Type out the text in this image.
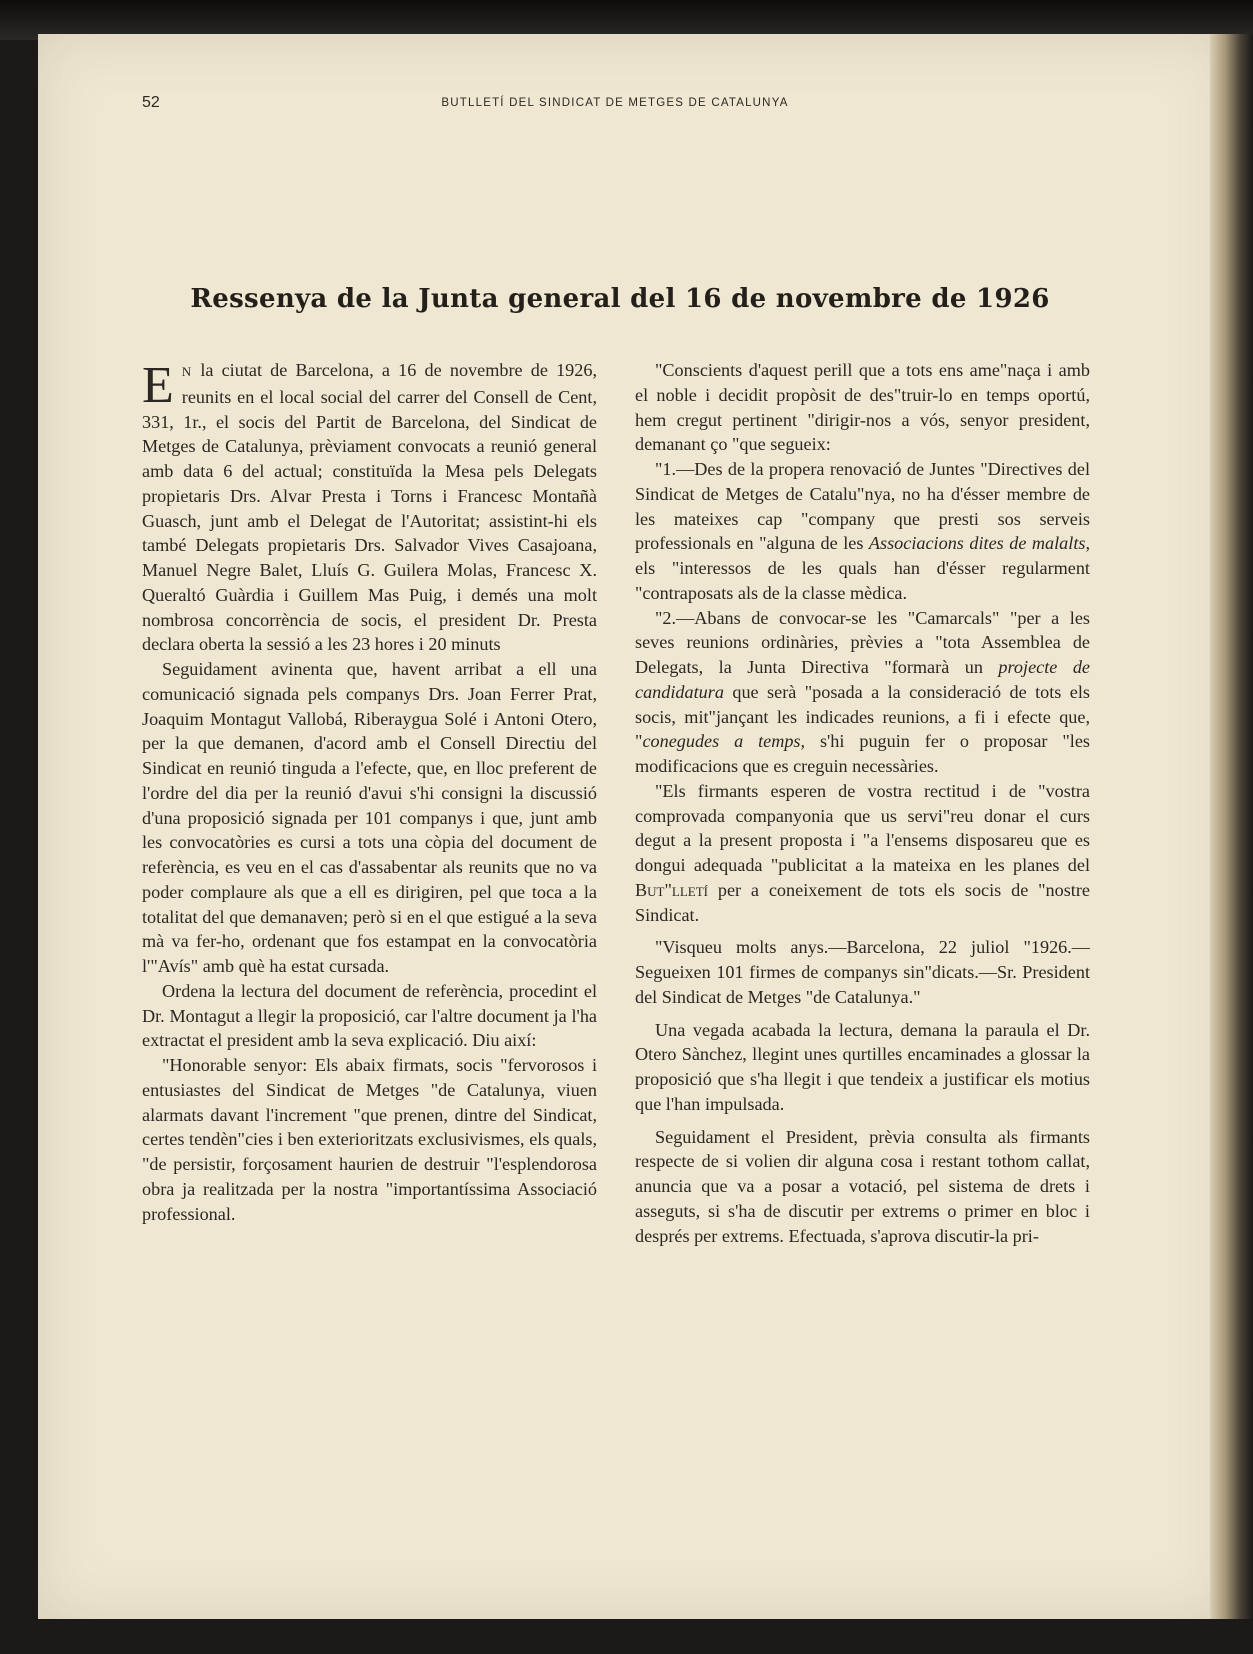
52	BUTLLETÍ DEL SINDICAT DE METGES DE CATALUNYA
Ressenya de la Junta general del 16 de novembre de 1926

E N la ciutat de Barcelona, a 16 de novembre de 1926, reunits en el local social del carrer del Consell de Cent, 331, 1r., el socis del Partit de Barcelona, del Sindicat de Metges de Catalunya, prèviament convocats a reunió general amb data 6 del actual; constituïda la Mesa pels Delegats propietaris Drs. Alvar Presta i Torns i Francesc Montañà Guasch, junt amb el Delegat de l'Autoritat; assistint-hi els també Delegats propietaris Drs. Salvador Vives Casajoana, Manuel Negre Balet, Lluís G. Guilera Molas, Francesc X. Queraltó Guàrdia i Guillem Mas Puig, i demés una molt nombrosa concorrència de socis, el president Dr. Presta declara oberta la sessió a les 23 hores i 20 minuts

Seguidament avinenta que, havent arribat a ell una comunicació signada pels companys Drs. Joan Ferrer Prat, Joaquim Montagut Vallobá, Riberaygua Solé i Antoni Otero, per la que demanen, d'acord amb el Consell Directiu del Sindicat en reunió tinguda a l'efecte, que, en lloc preferent de l'ordre del dia per la reunió d'avui s'hi consigni la discussió d'una proposició signada per 101 companys i que, junt amb les convocatòries es cursi a tots una còpia del document de referència, es veu en el cas d'assabentar als reunits que no va poder complaure als que a ell es dirigiren, pel que toca a la totalitat del que demanaven; però si en el que estigué a la seva mà va fer-ho, ordenant que fos estampat en la convocatòria l'"Avís" amb què ha estat cursada.

Ordena la lectura del document de referència, procedint el Dr. Montagut a llegir la proposició, car l'altre document ja l'ha extractat el president amb la seva explicació. Diu així:

"Honorable senyor: Els abaix firmats, socis "fervorosos i entusiastes del Sindicat de Metges "de Catalunya, viuen alarmats davant l'increment "que prenen, dintre del Sindicat, certes tendèn"cies i ben exterioritzats exclusivismes, els quals, "de persistir, forçosament haurien de destruir "l'esplendorosa obra ja realitzada per la nostra "importantíssima Associació professional.

"Conscients d'aquest perill que a tots ens ame"naça i amb el noble i decidit propòsit de des"truir-lo en temps oportú, hem cregut pertinent "dirigir-nos a vós, senyor president, demanant ço "que segueix:

"1.—Des de la propera renovació de Juntes "Directives del Sindicat de Metges de Catalu"nya, no ha d'ésser membre de les mateixes cap "company que presti sos serveis professionals en "alguna de les Associacions dites de malalts, els "interessos de les quals han d'ésser regularment "contraposats als de la classe mèdica.

"2.—Abans de convocar-se les "Camarcals" "per a les seves reunions ordinàries, prèvies a "tota Assemblea de Delegats, la Junta Directiva "formarà un projecte de candidatura que serà "posada a la consideració de tots els socis, mit"jançant les indicades reunions, a fi i efecte que, "conegudes a temps, s'hi puguin fer o proposar "les modificacions que es creguin necessàries.

"Els firmants esperen de vostra rectitud i de "vostra comprovada companyonia que us servi"reu donar el curs degut a la present proposta i "a l'ensems disposareu que es dongui adequada "publicitat a la mateixa en les planes del But"lletí per a coneixement de tots els socis de "nostre Sindicat.

"Visqueu molts anys.—Barcelona, 22 juliol "1926.—Segueixen 101 firmes de companys sin"dicats.—Sr. President del Sindicat de Metges "de Catalunya."

Una vegada acabada la lectura, demana la paraula el Dr. Otero Sànchez, llegint unes qurtilles encaminades a glossar la proposició que s'ha llegit i que tendeix a justificar els motius que l'han impulsada.

Seguidament el President, prèvia consulta als firmants respecte de si volien dir alguna cosa i restant tothom callat, anuncia que va a posar a votació, pel sistema de drets i asseguts, si s'ha de discutir per extrems o primer en bloc i després per extrems. Efectuada, s'aprova discutir-la pri-
